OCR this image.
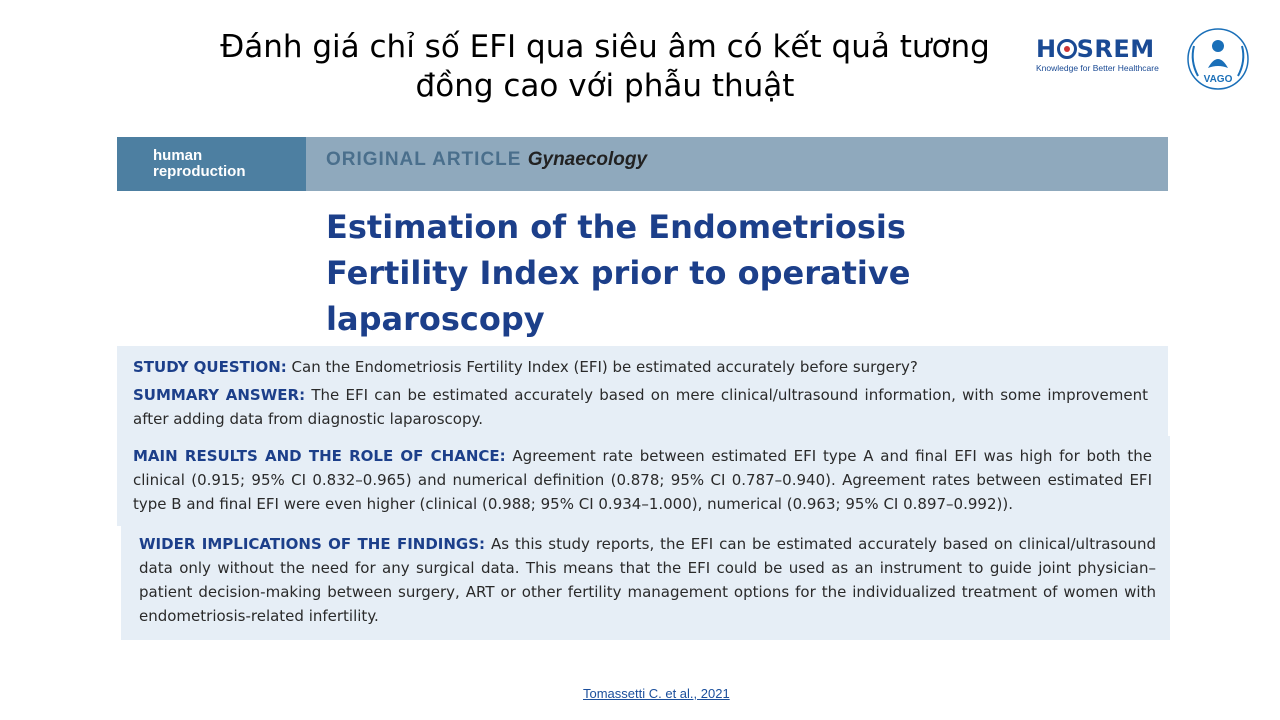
Đánh giá chỉ số EFI qua siêu âm có kết quả tương
đồng cao với phẫu thuật
H SREM
Knowledge for Better Healthcare
VAGO
human
reproduction
ORIGINAL ARTICLE Gynaecology
Estimation of the Endometriosis
Fertility Index prior to operative
laparoscopy

STUDY QUESTION: Can the Endometriosis Fertility Index (EFI) be estimated accurately before surgery?

SUMMARY ANSWER: The EFI can be estimated accurately based on mere clinical/ultrasound information, with some improvement after adding data from diagnostic laparoscopy.

MAIN RESULTS AND THE ROLE OF CHANCE: Agreement rate between estimated EFI type A and final EFI was high for both the clinical (0.915; 95% CI 0.832–0.965) and numerical definition (0.878; 95% CI 0.787–0.940). Agreement rates between estimated EFI type B and final EFI were even higher (clinical (0.988; 95% CI 0.934–1.000), numerical (0.963; 95% CI 0.897–0.992)).

WIDER IMPLICATIONS OF THE FINDINGS: As this study reports, the EFI can be estimated accurately based on clinical/ultrasound data only without the need for any surgical data. This means that the EFI could be used as an instrument to guide joint physician–patient decision-making between surgery, ART or other fertility management options for the individualized treatment of women with endometriosis-related infertility.

Tomassetti C. et al., 2021
